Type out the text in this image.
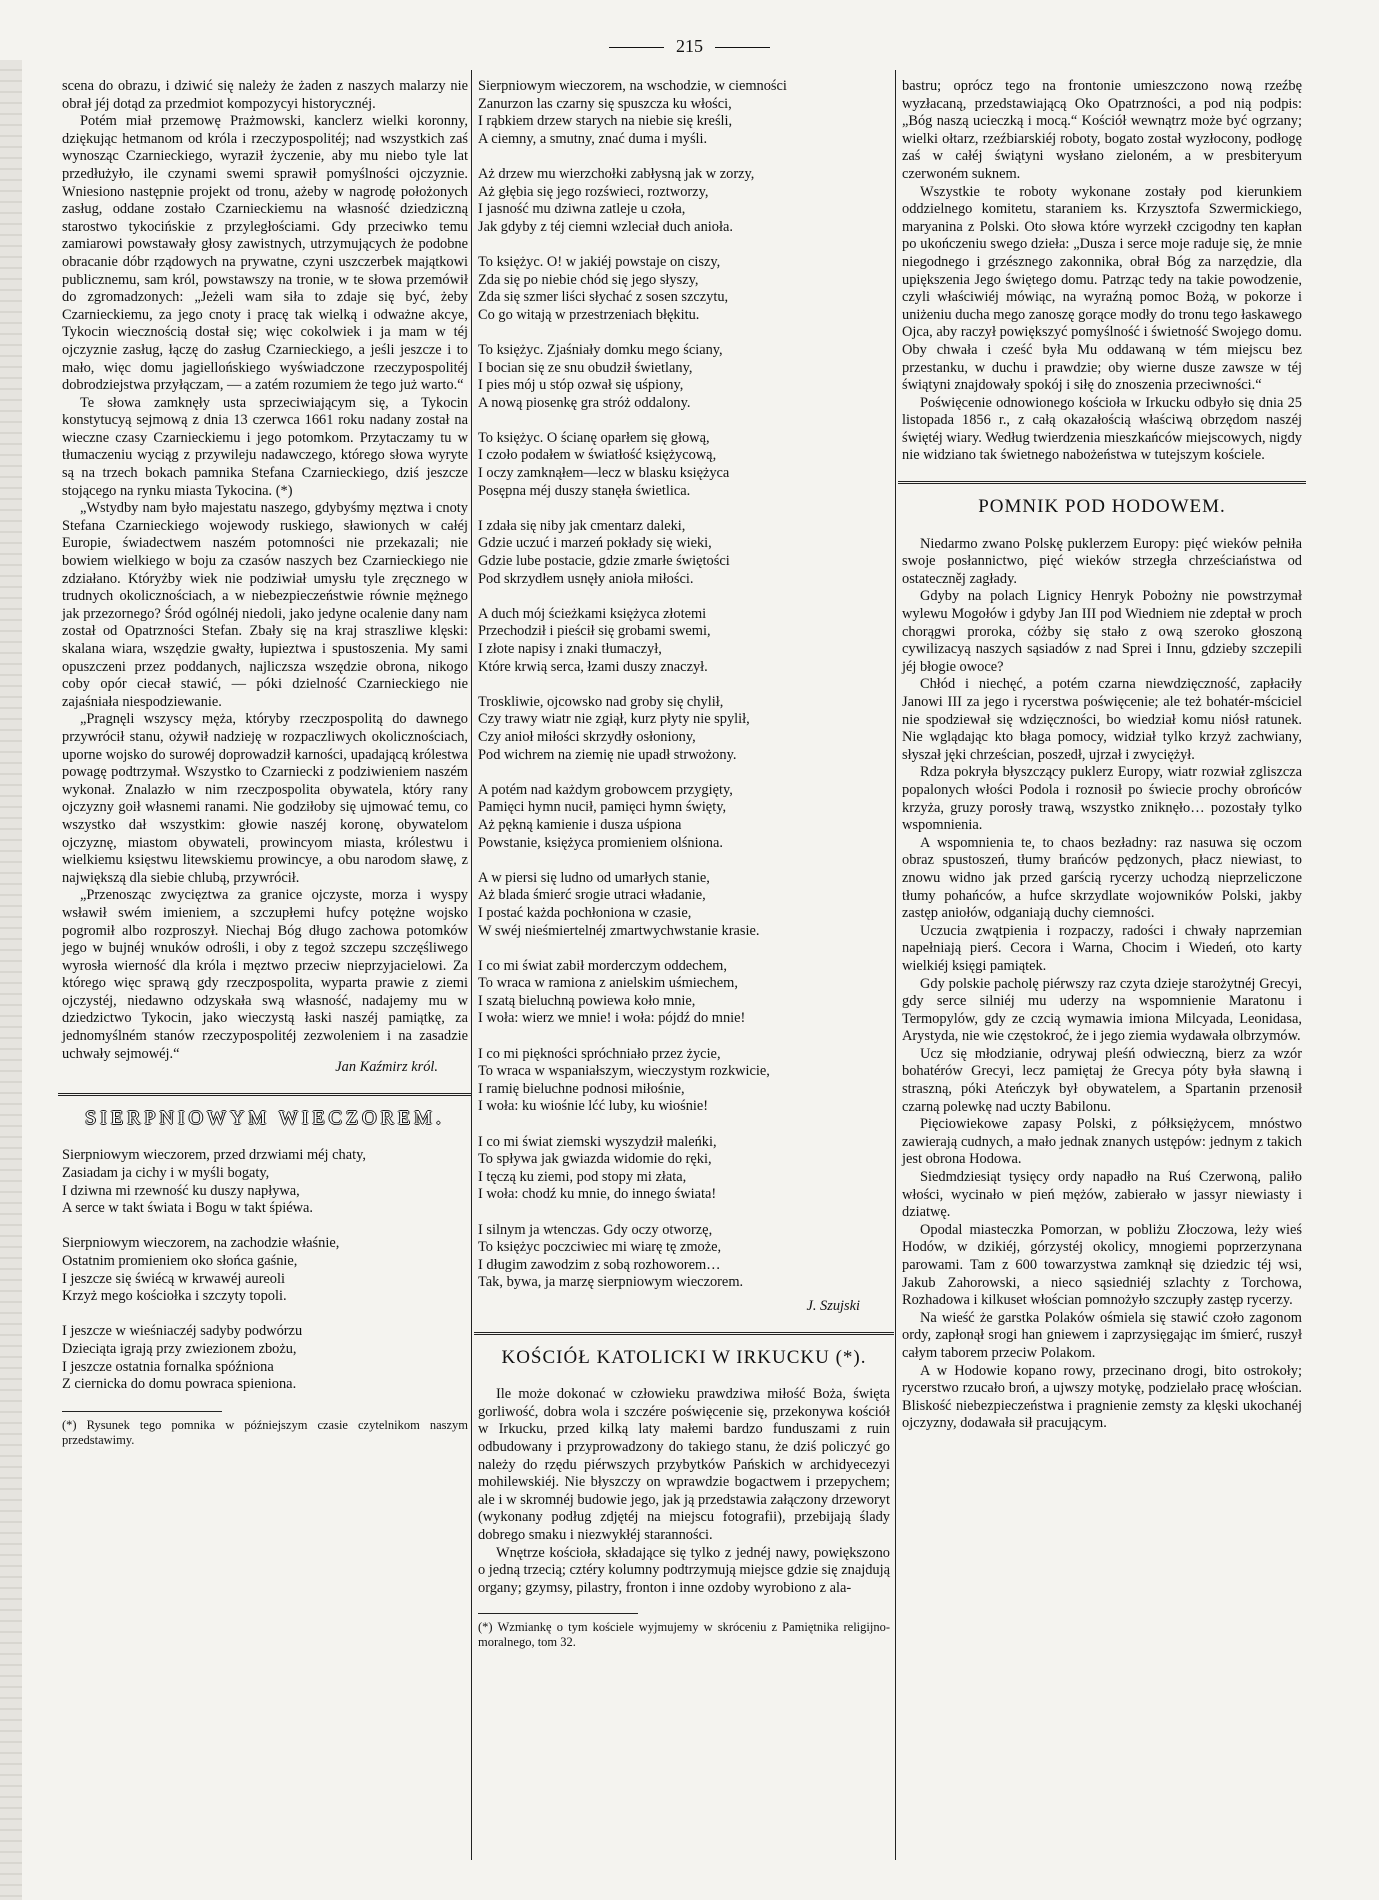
215

scena do obrazu, i dziwić się należy że żaden z naszych malarzy nie obrał jéj dotąd za przedmiot kompozycyi historycznéj.

Potém miał przemowę Prażmowski, kanclerz wielki koronny, dziękując hetmanom od króla i rzeczypospolitéj; nad wszystkich zaś wynosząc Czarnieckiego, wyraził życzenie, aby mu niebo tyle lat przedłużyło, ile czynami swemi sprawił pomyślności ojczyznie. Wniesiono następnie projekt od tronu, ażeby w nagrodę położonych zasług, oddane zostało Czarnieckiemu na własność dziedziczną starostwo tykocińskie z przyległościami. Gdy przeciwko temu zamiarowi powstawały głosy zawistnych, utrzymujących że podobne obracanie dóbr rządowych na prywatne, czyni uszczerbek majątkowi publicznemu, sam król, powstawszy na tronie, w te słowa przemówił do zgromadzonych: „Jeżeli wam siła to zdaje się być, żeby Czarnieckiemu, za jego cnoty i pracę tak wielką i odważne akcye, Tykocin wiecznością dostał się; więc cokolwiek i ja mam w téj ojczyznie zasług, łączę do zasług Czarnieckiego, a jeśli jeszcze i to mało, więc domu jagiellońskiego wyświadczone rzeczypospolitéj dobrodziejstwa przyłączam, — a zatém rozumiem że tego już warto.“

Te słowa zamknęły usta sprzeciwiającym się, a Tykocin konstytucyą sejmową z dnia 13 czerwca 1661 roku nadany został na wieczne czasy Czarnieckiemu i jego potomkom. Przytaczamy tu w tłumaczeniu wyciąg z przywileju nadawczego, którego słowa wyryte są na trzech bokach pamnika Stefana Czarnieckiego, dziś jeszcze stojącego na rynku miasta Tykocina. (*)

„Wstydby nam było majestatu naszego, gdybyśmy męztwa i cnoty Stefana Czarnieckiego wojewody ruskiego, sławionych w całéj Europie, świadectwem naszém potomności nie przekazali; nie bowiem wielkiego w boju za czasów naszych bez Czarnieckiego nie zdziałano. Któryżby wiek nie podziwiał umysłu tyle zręcznego w trudnych okolicznościach, a w niebezpieczeństwie równie mężnego jak przezornego? Śród ogólnéj niedoli, jako jedyne ocalenie dany nam został od Opatrzności Stefan. Zbały się na kraj straszliwe klęski: skalana wiara, wszędzie gwałty, łupieztwa i spustoszenia. My sami opuszczeni przez poddanych, najliczsza wszędzie obrona, nikogo coby opór ciecał stawić, — póki dzielność Czarnieckiego nie zajaśniała niespodziewanie.

„Pragnęli wszyscy męża, któryby rzeczpospolitą do dawnego przywrócił stanu, ożywił nadzieję w rozpaczliwych okolicznościach, uporne wojsko do surowéj doprowadził karności, upadającą królestwa powagę podtrzymał. Wszystko to Czarniecki z podziwieniem naszém wykonał. Znalazło w nim rzeczpospolita obywatela, który rany ojczyzny goił własnemi ranami. Nie godziłoby się ujmować temu, co wszystko dał wszystkim: głowie naszéj koronę, obywatelom ojczyznę, miastom obywateli, prowincyom miasta, królestwu i wielkiemu księstwu litewskiemu prowincye, a obu narodom sławę, z największą dla siebie chlubą, przywrócił.

„Przenosząc zwycięztwa za granice ojczyste, morza i wyspy wsławił swém imieniem, a szczupłemi hufcy potężne wojsko pogromił albo rozproszył. Niechaj Bóg długo zachowa potomków jego w bujnéj wnuków odrośli, i oby z tegoż szczepu szczęśliwego wyrosła wierność dla króla i męztwo przeciw nieprzyjacielowi. Za którego więc sprawą gdy rzeczpospolita, wyparta prawie z ziemi ojczystéj, niedawno odzyskała swą własność, nadajemy mu w dziedzictwo Tykocin, jako wieczystą łaski naszéj pamiątkę, za jednomyślném stanów rzeczypospolitéj zezwoleniem i na zasadzie uchwały sejmowéj.“

Jan Kaźmirz król.
SIERPNIOWYM WIECZOREM.
Sierpniowym wieczorem, przed drzwiami méj chaty,
Zasiadam ja cichy i w myśli bogaty,
I dziwna mi rzewność ku duszy napływa,
A serce w takt świata i Bogu w takt śpiéwa.
Sierpniowym wieczorem, na zachodzie właśnie,
Ostatnim promieniem oko słońca gaśnie,
I jeszcze się świécą w krwawéj aureoli
Krzyż mego kościołka i szczyty topoli.
I jeszcze w wieśniaczéj sadyby podwórzu
Dzieciąta igrają przy zwiezionem zbożu,
I jeszcze ostatnia fornalka spóźniona
Z ciernicka do domu powraca spieniona.
(*) Rysunek tego pomnika w późniejszym czasie czytelnikom naszym przedstawimy.
Sierpniowym wieczorem, na wschodzie, w ciemności
Zanurzon las czarny się spuszcza ku włości,
I rąbkiem drzew starych na niebie się kreśli,
A ciemny, a smutny, znać duma i myśli.
Aż drzew mu wierzchołki zabłysną jak w zorzy,
Aż głębia się jego rozświeci, roztworzy,
I jasność mu dziwna zatleje u czoła,
Jak gdyby z téj ciemni wzleciał duch anioła.
To księżyc. O! w jakiéj powstaje on ciszy,
Zda się po niebie chód się jego słyszy,
Zda się szmer liści słychać z sosen szczytu,
Co go witają w przestrzeniach błękitu.
To księżyc. Zjaśniały domku mego ściany,
I bocian się ze snu obudził świetlany,
I pies mój u stóp ozwał się uśpiony,
A nową piosenkę gra stróż oddalony.
To księżyc. O ścianę oparłem się głową,
I czoło podałem w światłość księżycową,
I oczy zamknąłem—lecz w blasku księżyca
Posępna méj duszy stanęła świetlica.
I zdała się niby jak cmentarz daleki,
Gdzie uczuć i marzeń pokłady się wieki,
Gdzie lube postacie, gdzie zmarłe świętości
Pod skrzydłem usnęły anioła miłości.
A duch mój ścieżkami księżyca złotemi
Przechodził i pieścił się grobami swemi,
I złote napisy i znaki tłumaczył,
Które krwią serca, łzami duszy znaczył.
Troskliwie, ojcowsko nad groby się chylił,
Czy trawy wiatr nie zgiął, kurz płyty nie spylił,
Czy anioł miłości skrzydły osłoniony,
Pod wichrem na ziemię nie upadł strwożony.
A potém nad każdym grobowcem przygięty,
Pamięci hymn nucił, pamięci hymn święty,
Aż pękną kamienie i dusza uśpiona
Powstanie, księżyca promieniem olśniona.
A w piersi się ludno od umarłych stanie,
Aż blada śmierć srogie utraci władanie,
I postać każda pochłoniona w czasie,
W swéj nieśmiertelnéj zmartwychwstanie krasie.
I co mi świat zabił morderczym oddechem,
To wraca w ramiona z anielskim uśmiechem,
I szatą bieluchną powiewa koło mnie,
I woła: wierz we mnie! i woła: pójdź do mnie!
I co mi piękności spróchniało przez życie,
To wraca w wspaniałszym, wieczystym rozkwicie,
I ramię bieluchne podnosi miłośnie,
I woła: ku wiośnie lćć luby, ku wiośnie!
I co mi świat ziemski wyszydził maleńki,
To spływa jak gwiazda widomie do ręki,
I tęczą ku ziemi, pod stopy mi złata,
I woła: chodź ku mnie, do innego świata!
I silnym ja wtenczas. Gdy oczy otworzę,
To księżyc poczciwiec mi wiarę tę zmoże,
I długim zawodzim z sobą rozhoworem…
Tak, bywa, ja marzę sierpniowym wieczorem.
J. Szujski
KOŚCIÓŁ KATOLICKI W IRKUCKU (*).

Ile może dokonać w człowieku prawdziwa miłość Boża, święta gorliwość, dobra wola i szczére poświęcenie się, przekonywa kościół w Irkucku, przed kilką laty małemi bardzo funduszami z ruin odbudowany i przyprowadzony do takiego stanu, że dziś policzyć go należy do rzędu piérwszych przybytków Pańskich w archidyecezyi mohilewskiéj. Nie błyszczy on wprawdzie bogactwem i przepychem; ale i w skromnéj budowie jego, jak ją przedstawia załączony drzeworyt (wykonany podług zdjętéj na miejscu fotografii), przebijają ślady dobrego smaku i niezwykłéj staranności.

Wnętrze kościoła, składające się tylko z jednéj nawy, powiększono o jedną trzecią; cztéry kolumny podtrzymują miejsce gdzie się znajdują organy; gzymsy, pilastry, fronton i inne ozdoby wyrobiono z ala-

(*) Wzmiankę o tym kościele wyjmujemy w skróceniu z Pamiętnika religijno-moralnego, tom 32.

bastru; oprócz tego na frontonie umieszczono nową rzeźbę wyzłacaną, przedstawiającą Oko Opatrzności, a pod nią podpis: „Bóg naszą ucieczką i mocą.“ Kościół wewnątrz może być ogrzany; wielki ołtarz, rzeźbiarskiéj roboty, bogato został wyzłocony, podłogę zaś w całéj świątyni wysłano zieloném, a w presbiteryum czerwoném suknem.

Wszystkie te roboty wykonane zostały pod kierunkiem oddzielnego komitetu, staraniem ks. Krzysztofa Szwermickiego, maryanina z Polski. Oto słowa które wyrzekł czcigodny ten kapłan po ukończeniu swego dzieła: „Dusza i serce moje raduje się, że mnie niegodnego i grzésznego zakonnika, obrał Bóg za narzędzie, dla upiększenia Jego świętego domu. Patrząc tedy na takie powodzenie, czyli właściwiéj mówiąc, na wyraźną pomoc Bożą, w pokorze i uniżeniu ducha mego zanoszę gorące modły do tronu tego łaskawego Ojca, aby raczył powiększyć pomyślność i świetność Swojego domu. Oby chwała i cześć była Mu oddawaną w tém miejscu bez przestanku, w duchu i prawdzie; oby wierne dusze zawsze w téj świątyni znajdowały spokój i siłę do znoszenia przeciwności.“

Poświęcenie odnowionego kościoła w Irkucku odbyło się dnia 25 listopada 1856 r., z całą okazałością właściwą obrzędom naszéj świętéj wiary. Według twierdzenia mieszkańców miejscowych, nigdy nie widziano tak świetnego nabożeństwa w tutejszym kościele.

POMNIK POD HODOWEM.

Niedarmo zwano Polskę puklerzem Europy: pięć wieków pełniła swoje posłannictwo, pięć wieków strzegła chrześciaństwa od ostateczněj zagłady.

Gdyby na polach Lignicy Henryk Pobożny nie powstrzymał wylewu Mogołów i gdyby Jan III pod Wiedniem nie zdeptał w proch chorągwi proroka, cóżby się stało z ową szeroko głoszoną cywilizacyą naszych sąsiadów z nad Sprei i Innu, gdzieby szczepili jéj błogie owoce?

Chłód i niechęć, a potém czarna niewdzięczność, zapłaciły Janowi III za jego i rycerstwa poświęcenie; ale też bohatér-mściciel nie spodziewał się wdzięczności, bo wiedział komu niósł ratunek. Nie wglądając kto błaga pomocy, widział tylko krzyż zachwiany, słyszał jęki chrześcian, poszedł, ujrzał i zwyciężył.

Rdza pokryła błyszczący puklerz Europy, wiatr rozwiał zgliszcza popalonych włości Podola i roznosił po świecie prochy obrońców krzyża, gruzy porosły trawą, wszystko zniknęło… pozostały tylko wspomnienia.

A wspomnienia te, to chaos bezładny: raz nasuwa się oczom obraz spustoszeń, tłumy brańców pędzonych, płacz niewiast, to znowu widno jak przed garścią rycerzy uchodzą nieprzeliczone tłumy pohańców, a hufce skrzydlate wojowników Polski, jakby zastęp aniołów, odganiają duchy ciemności.

Uczucia zwątpienia i rozpaczy, radości i chwały naprzemian napełniają pierś. Cecora i Warna, Chocim i Wiedeń, oto karty wielkiéj księgi pamiątek.

Gdy polskie pacholę piérwszy raz czyta dzieje starożytnéj Grecyi, gdy serce silniéj mu uderzy na wspomnienie Maratonu i Termopylów, gdy ze czcią wymawia imiona Milcyada, Leonidasa, Arystyda, nie wie częstokroć, że i jego ziemia wydawała olbrzymów.

Ucz się młodzianie, odrywaj pleśń odwieczną, bierz za wzór bohatérów Grecyi, lecz pamiętaj że Grecya póty była sławną i straszną, póki Ateńczyk był obywatelem, a Spartanin przenosił czarną polewkę nad uczty Babilonu.

Pięciowiekowe zapasy Polski, z półksiężycem, mnóstwo zawierają cudnych, a mało jednak znanych ustępów: jednym z takich jest obrona Hodowa.

Siedmdziesiąt tysięcy ordy napadło na Ruś Czerwoną, paliło włości, wycinało w pień mężów, zabierało w jassyr niewiasty i dziatwę.

Opodal miasteczka Pomorzan, w pobliżu Złoczowa, leży wieś Hodów, w dzikiéj, górzystéj okolicy, mnogiemi poprzerzynana parowami. Tam z 600 towarzystwa zamknął się dziedzic téj wsi, Jakub Zahorowski, a nieco sąsiedniéj szlachty z Torchowa, Rozhadowa i kilkuset włościan pomnożyło szczupły zastęp rycerzy.

Na wieść że garstka Polaków ośmiela się stawić czoło zagonom ordy, zapłonął srogi han gniewem i zaprzysięgając im śmierć, ruszył całym taborem przeciw Polakom.

A w Hodowie kopano rowy, przecinano drogi, bito ostrokoły; rycerstwo rzucało broń, a ujwszy motykę, podzielało pracę włościan. Bliskość niebezpieczeństwa i pragnienie zemsty za klęski ukochanéj ojczyzny, dodawała sił pracującym.
